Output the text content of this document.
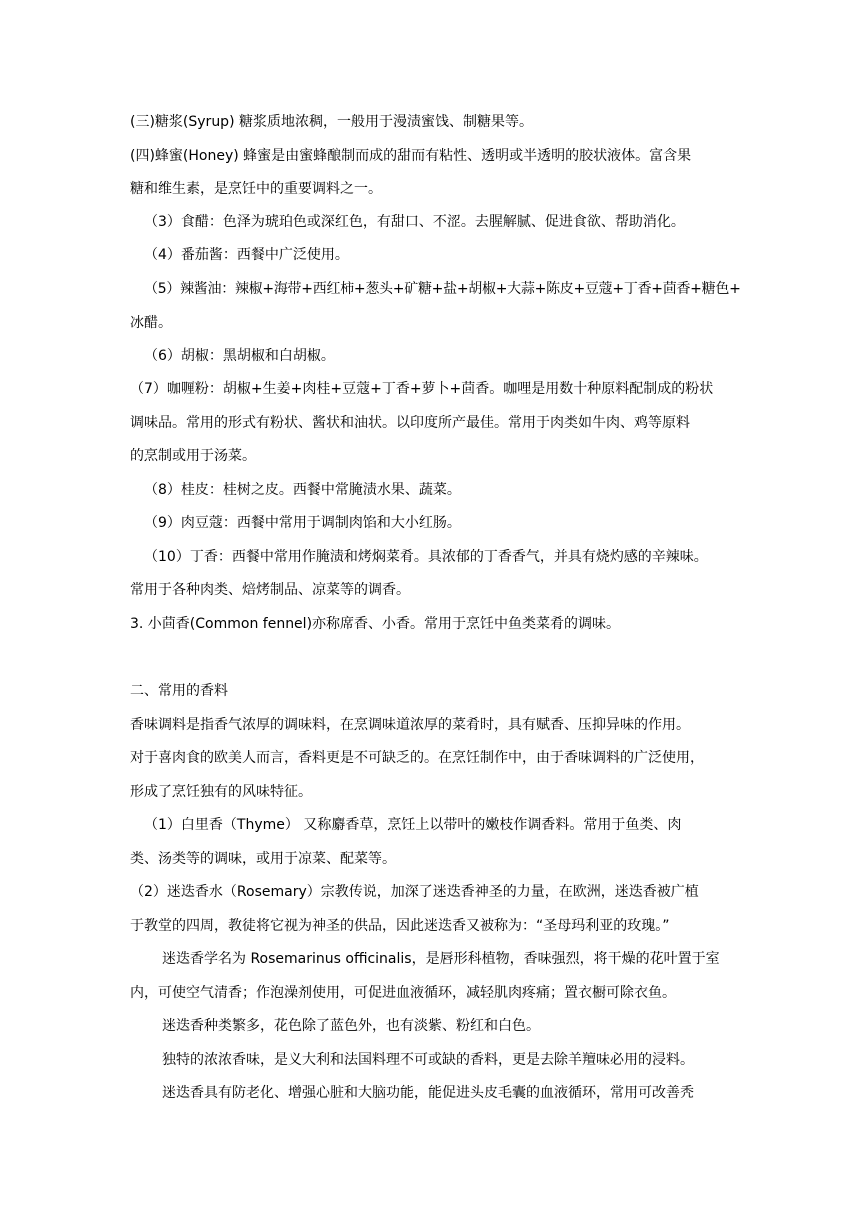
(三)糖浆(Syrup) 糖浆质地浓稠，一般用于漫渍蜜饯、制糖果等。

(四)蜂蜜(Honey) 蜂蜜是由蜜蜂酿制而成的甜而有粘性、透明或半透明的胶状液体。富含果

糖和维生素，是烹饪中的重要调料之一。

（3）食醋：色泽为琥珀色或深红色，有甜口、不涩。去腥解腻、促进食欲、帮助消化。

（4）番茄酱：西餐中广泛使用。

（5）辣酱油：辣椒+海带+西红柿+葱头+矿糖+盐+胡椒+大蒜+陈皮+豆蔻+丁香+茴香+糖色+

冰醋。

（6）胡椒：黑胡椒和白胡椒。

（7）咖喱粉：胡椒+生姜+肉桂+豆蔻+丁香+萝卜+茴香。咖哩是用数十种原料配制成的粉状

调味品。常用的形式有粉状、酱状和油状。以印度所产最佳。常用于肉类如牛肉、鸡等原料

的烹制或用于汤菜。

（8）桂皮：桂树之皮。西餐中常腌渍水果、蔬菜。

（9）肉豆蔻：西餐中常用于调制肉馅和大小红肠。

（10）丁香：西餐中常用作腌渍和烤焖菜肴。具浓郁的丁香香气，并具有烧灼感的辛辣味。

常用于各种肉类、焙烤制品、凉菜等的调香。

3. 小茴香(Common fennel)亦称席香、小香。常用于烹饪中鱼类菜肴的调味。

二、常用的香料

香味调料是指香气浓厚的调味料，在烹调味道浓厚的菜肴时，具有赋香、压抑异味的作用。

对于喜肉食的欧美人而言，香料更是不可缺乏的。在烹饪制作中，由于香味调料的广泛使用，

形成了烹饪独有的风味特征。

（1）白里香（Thyme） 又称麝香草，烹饪上以带叶的嫩枝作调香料。常用于鱼类、肉

类、汤类等的调味，或用于凉菜、配菜等。

（2）迷迭香水（Rosemary）宗教传说，加深了迷迭香神圣的力量，在欧洲，迷迭香被广植

于教堂的四周，教徒将它视为神圣的供品，因此迷迭香又被称为：“圣母玛利亚的玫瑰。”

迷迭香学名为 Rosemarinus officinalis，是唇形科植物，香味强烈，将干燥的花叶置于室

内，可使空气清香；作泡澡剂使用，可促进血液循环，减轻肌肉疼痛；置衣橱可除衣鱼。

迷迭香种类繁多，花色除了蓝色外，也有淡紫、粉红和白色。

独特的浓浓香味，是义大利和法国料理不可或缺的香料，更是去除羊羶味必用的浸料。

迷迭香具有防老化、增强心脏和大脑功能，能促进头皮毛囊的血液循环，常用可改善秃
